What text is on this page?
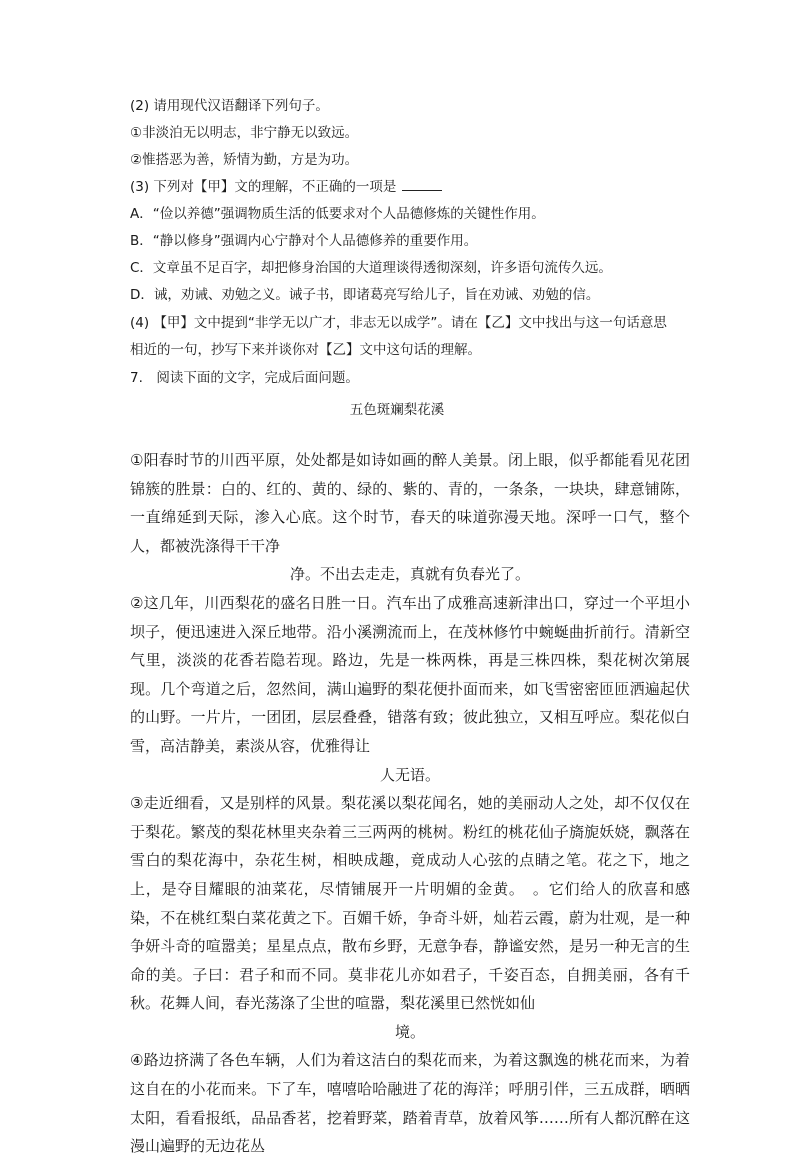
(2) 请用现代汉语翻译下列句子。
①非淡泊无以明志，非宁静无以致远。
②惟搭恶为善，矫情为勤，方是为功。
(3) 下列对【甲】文的理解，不正确的一项是
A．“俭以养德”强调物质生活的低要求对个人品德修炼的关键性作用。
B．“静以修身”强调内心宁静对个人品德修养的重要作用。
C．文章虽不足百字，却把修身治国的大道理谈得透彻深刻，许多语句流传久远。
D．诫，劝诫、劝勉之义。诫子书，即诸葛亮写给儿子，旨在劝诫、劝勉的信。
(4) 【甲】文中提到“非学无以广才，非志无以成学”。请在【乙】文中找出与这一句话意思
相近的一句，抄写下来并谈你对【乙】文中这句话的理解。
7.　阅读下面的文字，完成后面问题。
五色斑斓梨花溪

①阳春时节的川西平原，处处都是如诗如画的醉人美景。闭上眼，似乎都能看见花团锦簇的胜景：白的、红的、黄的、绿的、紫的、青的，一条条，一块块，肆意铺陈，一直绵延到天际，渗入心底。这个时节，春天的味道弥漫天地。深呼一口气，整个人，都被洗涤得干干净
净。不出去走走，真就有负春光了。

②这几年，川西梨花的盛名日胜一日。汽车出了成雅高速新津出口，穿过一个平坦小坝子，便迅速进入深丘地带。沿小溪溯流而上，在茂林修竹中蜿蜒曲折前行。清新空气里，淡淡的花香若隐若现。路边，先是一株两株，再是三株四株，梨花树次第展现。几个弯道之后，忽然间，满山遍野的梨花便扑面而来，如飞雪密密匝匝洒遍起伏的山野。一片片，一团团，层层叠叠，错落有致；彼此独立，又相互呼应。梨花似白雪，高洁静美，素淡从容，优雅得让
人无语。

③走近细看，又是别样的风景。梨花溪以梨花闻名，她的美丽动人之处，却不仅仅在于梨花。繁茂的梨花林里夹杂着三三两两的桃树。粉红的桃花仙子旖旎妖娆，飘落在雪白的梨花海中，杂花生树，相映成趣，竟成动人心弦的点睛之笔。花之下，地之上，是夺目耀眼的油菜花，尽情铺展开一片明媚的金黄。　。它们给人的欣喜和感染，不在桃红梨白菜花黄之下。百媚千娇，争奇斗妍，灿若云霞，蔚为壮观，是一种争妍斗奇的喧嚣美；星星点点，散布乡野，无意争春，静谧安然，是另一种无言的生命的美。子曰：君子和而不同。莫非花儿亦如君子，千姿百态，自拥美丽，各有千秋。花舞人间，春光荡涤了尘世的喧嚣，梨花溪里已然恍如仙
境。

④路边挤满了各色车辆，人们为着这洁白的梨花而来，为着这飘逸的桃花而来，为着这自在的小花而来。下了车，嘻嘻哈哈融进了花的海洋；呼朋引伴，三五成群，晒晒太阳，看看报纸，品品香茗，挖着野菜，踏着青草，放着风筝……所有人都沉醉在这漫山遍野的无边花丛
